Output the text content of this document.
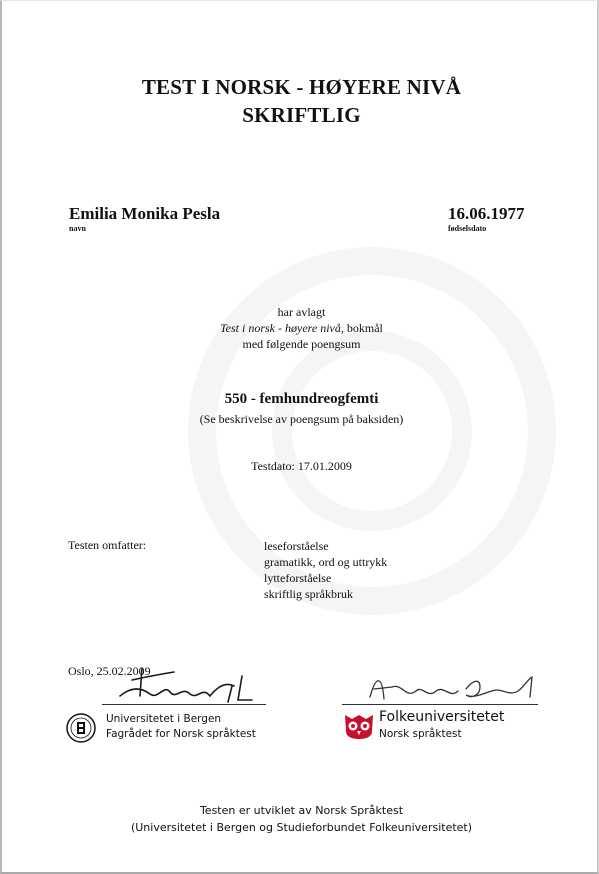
TEST I NORSK - HØYERE NIVÅ
SKRIFTLIG
Emilia Monika Pesla
navn
16.06.1977
fødselsdato
har avlagt
Test i norsk - høyere nivå, bokmål
med følgende poengsum
550 - femhundreogfemti
(Se beskrivelse av poengsum på baksiden)
Testdato: 17.01.2009
Testen omfatter:	leseforståelse
gramatikk, ord og uttrykk
lytteforståelse
skriftlig språkbruk
Oslo, 25.02.2009
Universitetet i Bergen
Fagrådet for Norsk språktest
Folkeuniversitetet
Norsk språktest
Testen er utviklet av Norsk Språktest
(Universitetet i Bergen og Studieforbundet Folkeuniversitetet)
